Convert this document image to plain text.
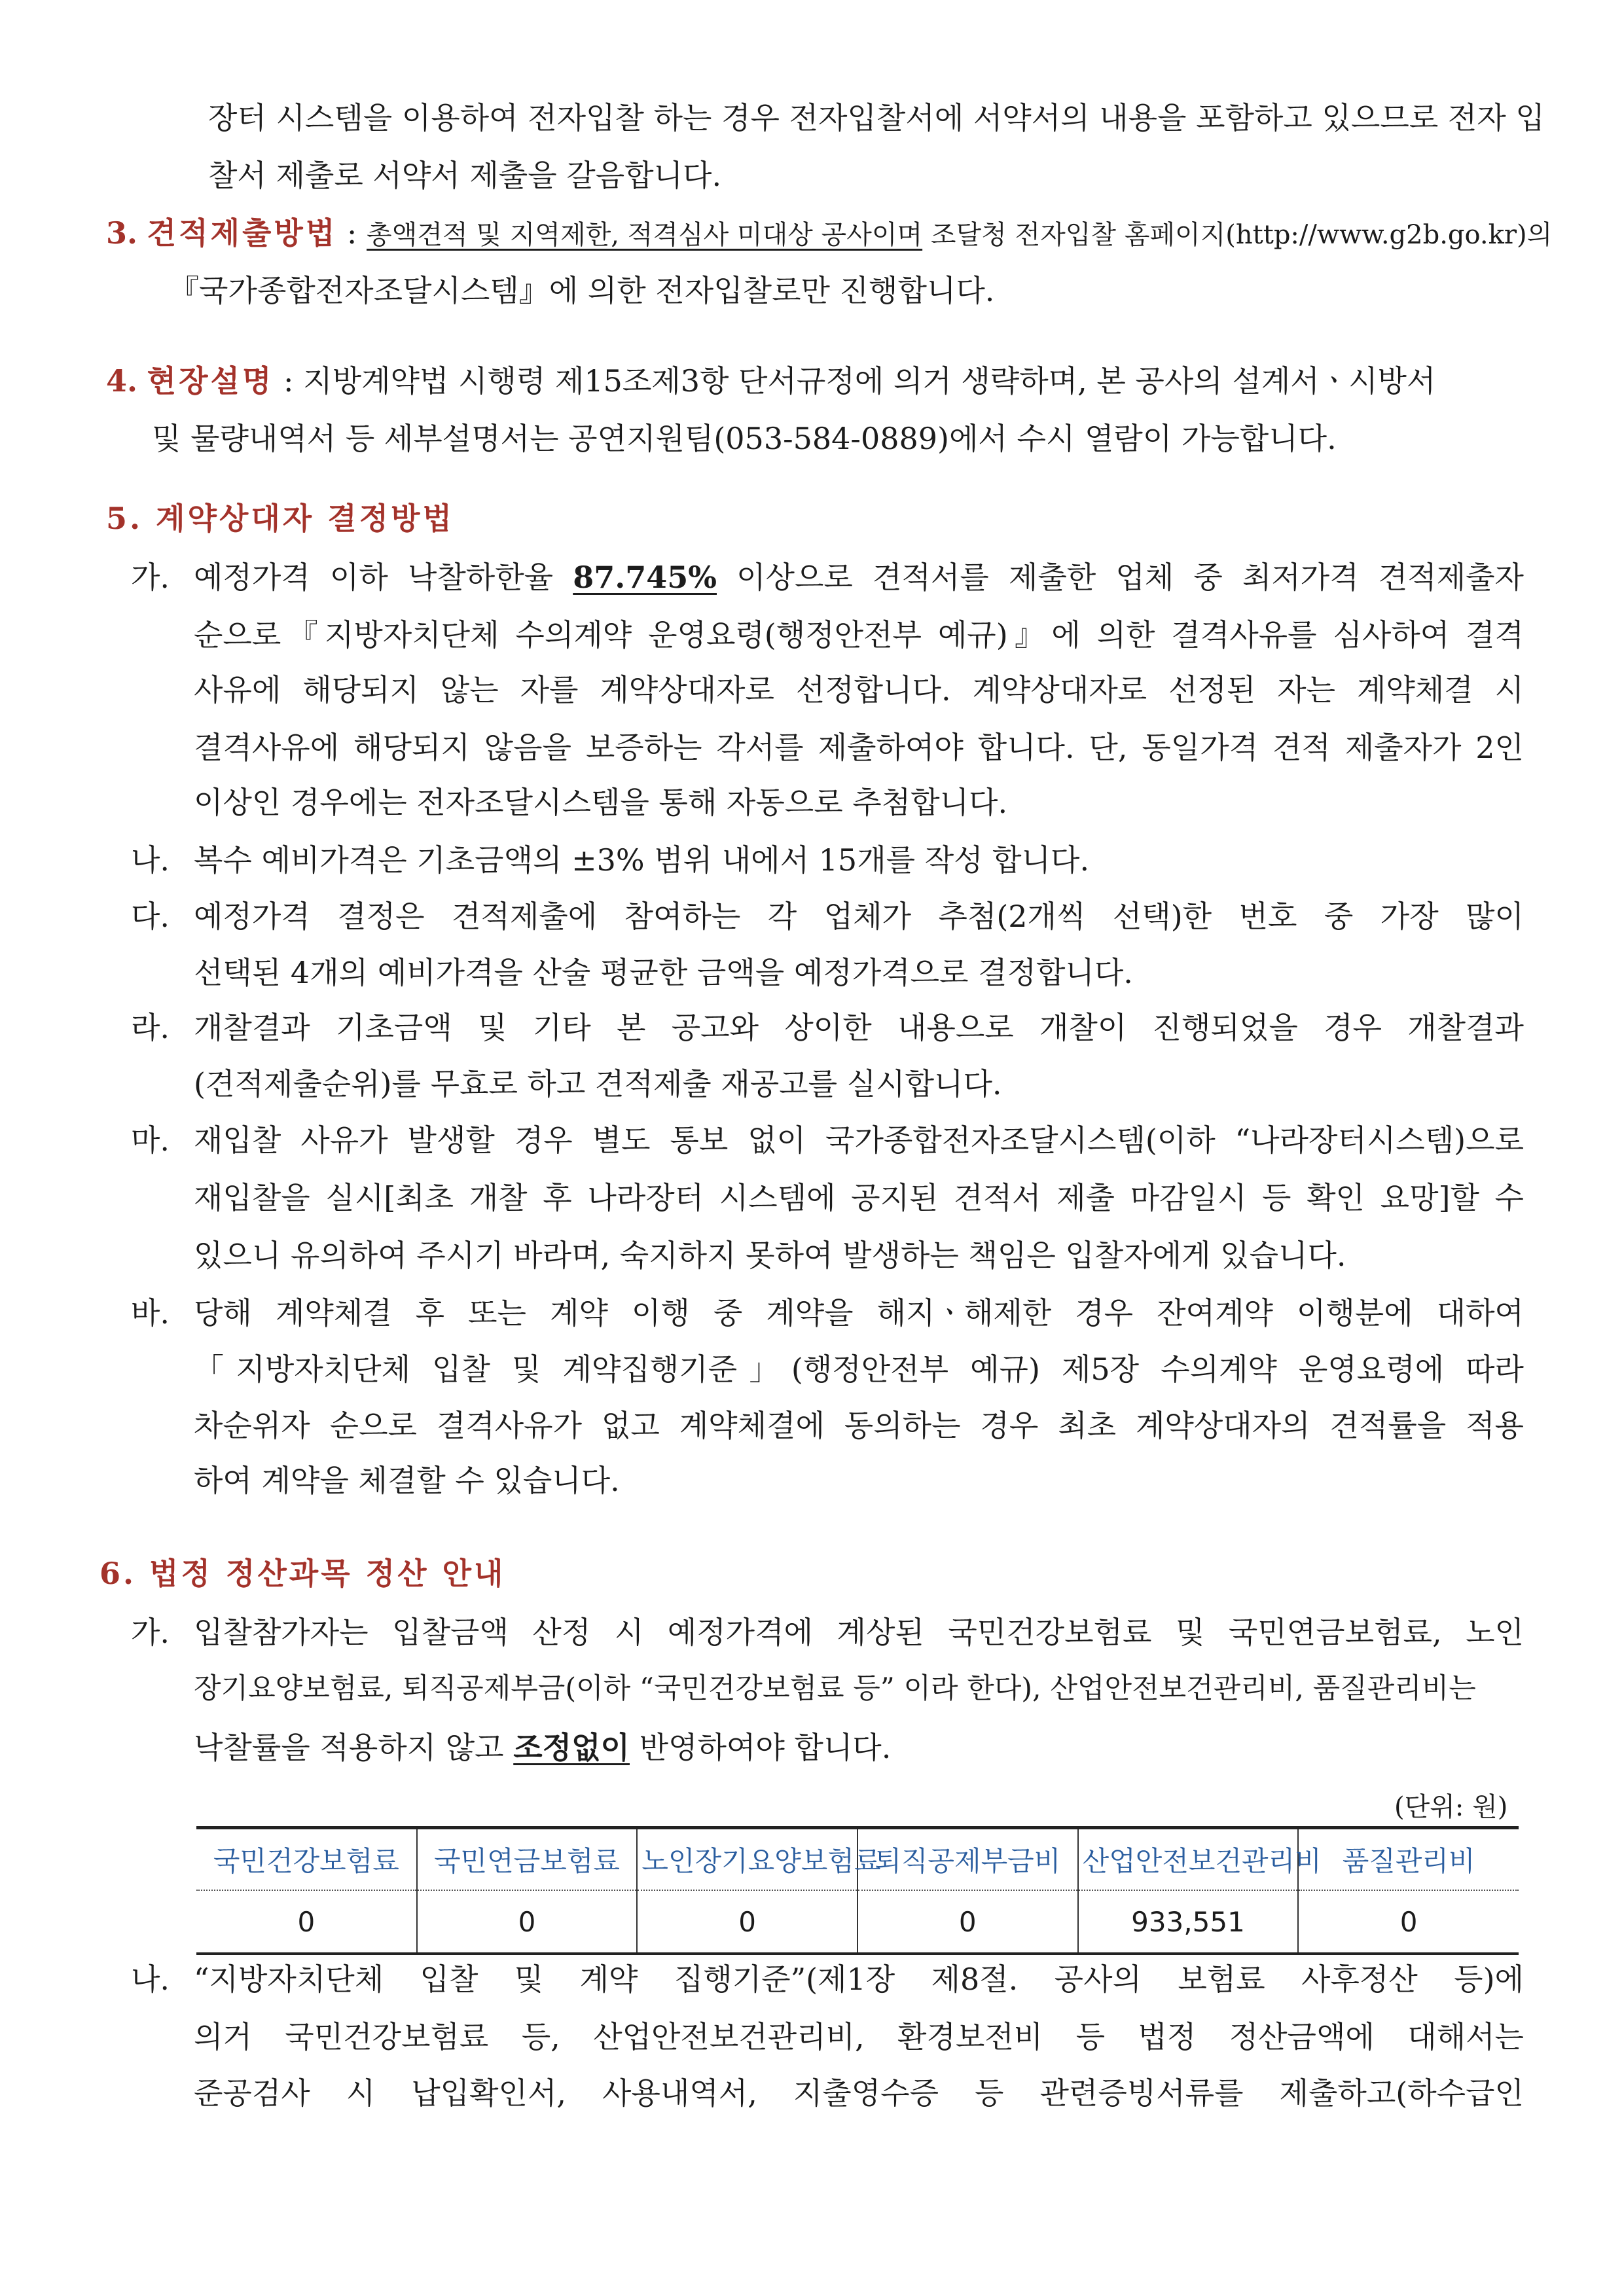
장터 시스템을 이용하여 전자입찰 하는 경우 전자입찰서에 서약서의 내용을 포함하고 있으므로 전자 입
찰서 제출로 서약서 제출을 갈음합니다.
3. 견적제출방법 : 총액견적 및 지역제한, 적격심사 미대상 공사이며 조달청 전자입찰 홈페이지(http://www.g2b.go.kr)의
『국가종합전자조달시스템』에 의한 전자입찰로만 진행합니다.
4. 현장설명 : 지방계약법 시행령 제15조제3항 단서규정에 의거 생략하며, 본 공사의 설계서ㆍ시방서
및 물량내역서 등 세부설명서는 공연지원팀(053-584-0889)에서 수시 열람이 가능합니다.
5. 계약상대자 결정방법
가. 예정가격 이하 낙찰하한율 87.745% 이상으로 견적서를 제출한 업체 중 최저가격 견적제출자
순으로『지방자치단체 수의계약 운영요령(행정안전부 예규)』에 의한 결격사유를 심사하여 결격
사유에 해당되지 않는 자를 계약상대자로 선정합니다. 계약상대자로 선정된 자는 계약체결 시
결격사유에 해당되지 않음을 보증하는 각서를 제출하여야 합니다. 단, 동일가격 견적 제출자가 2인
이상인 경우에는 전자조달시스템을 통해 자동으로 추첨합니다.
나. 복수 예비가격은 기초금액의 ±3% 범위 내에서 15개를 작성 합니다.
다. 예정가격 결정은 견적제출에 참여하는 각 업체가 추첨(2개씩 선택)한 번호 중 가장 많이
선택된 4개의 예비가격을 산술 평균한 금액을 예정가격으로 결정합니다.
라. 개찰결과 기초금액 및 기타 본 공고와 상이한 내용으로 개찰이 진행되었을 경우 개찰결과
(견적제출순위)를 무효로 하고 견적제출 재공고를 실시합니다.
마. 재입찰 사유가 발생할 경우 별도 통보 없이 국가종합전자조달시스템(이하 “나라장터시스템)으로
재입찰을 실시[최초 개찰 후 나라장터 시스템에 공지된 견적서 제출 마감일시 등 확인 요망]할 수
있으니 유의하여 주시기 바라며, 숙지하지 못하여 발생하는 책임은 입찰자에게 있습니다.
바. 당해 계약체결 후 또는 계약 이행 중 계약을 해지ㆍ해제한 경우 잔여계약 이행분에 대하여
「지방자치단체 입찰 및 계약집행기준」(행정안전부 예규) 제5장 수의계약 운영요령에 따라
차순위자 순으로 결격사유가 없고 계약체결에 동의하는 경우 최초 계약상대자의 견적률을 적용
하여 계약을 체결할 수 있습니다.
6. 법정 정산과목 정산 안내
가. 입찰참가자는 입찰금액 산정 시 예정가격에 계상된 국민건강보험료 및 국민연금보험료, 노인
장기요양보험료, 퇴직공제부금(이하 “국민건강보험료 등” 이라 한다), 산업안전보건관리비, 품질관리비는
낙찰률을 적용하지 않고 조정없이 반영하여야 합니다.
(단위: 원)
국민건강보험료	국민연금보험료	노인장기요양보험료	퇴직공제부금비	산업안전보건관리비	품질관리비
0	0	0	0	933,551	0
나. “지방자치단체 입찰 및 계약 집행기준”(제1장 제8절. 공사의 보험료 사후정산 등)에
의거 국민건강보험료 등, 산업안전보건관리비, 환경보전비 등 법정 정산금액에 대해서는
준공검사 시 납입확인서, 사용내역서, 지출영수증 등 관련증빙서류를 제출하고(하수급인
